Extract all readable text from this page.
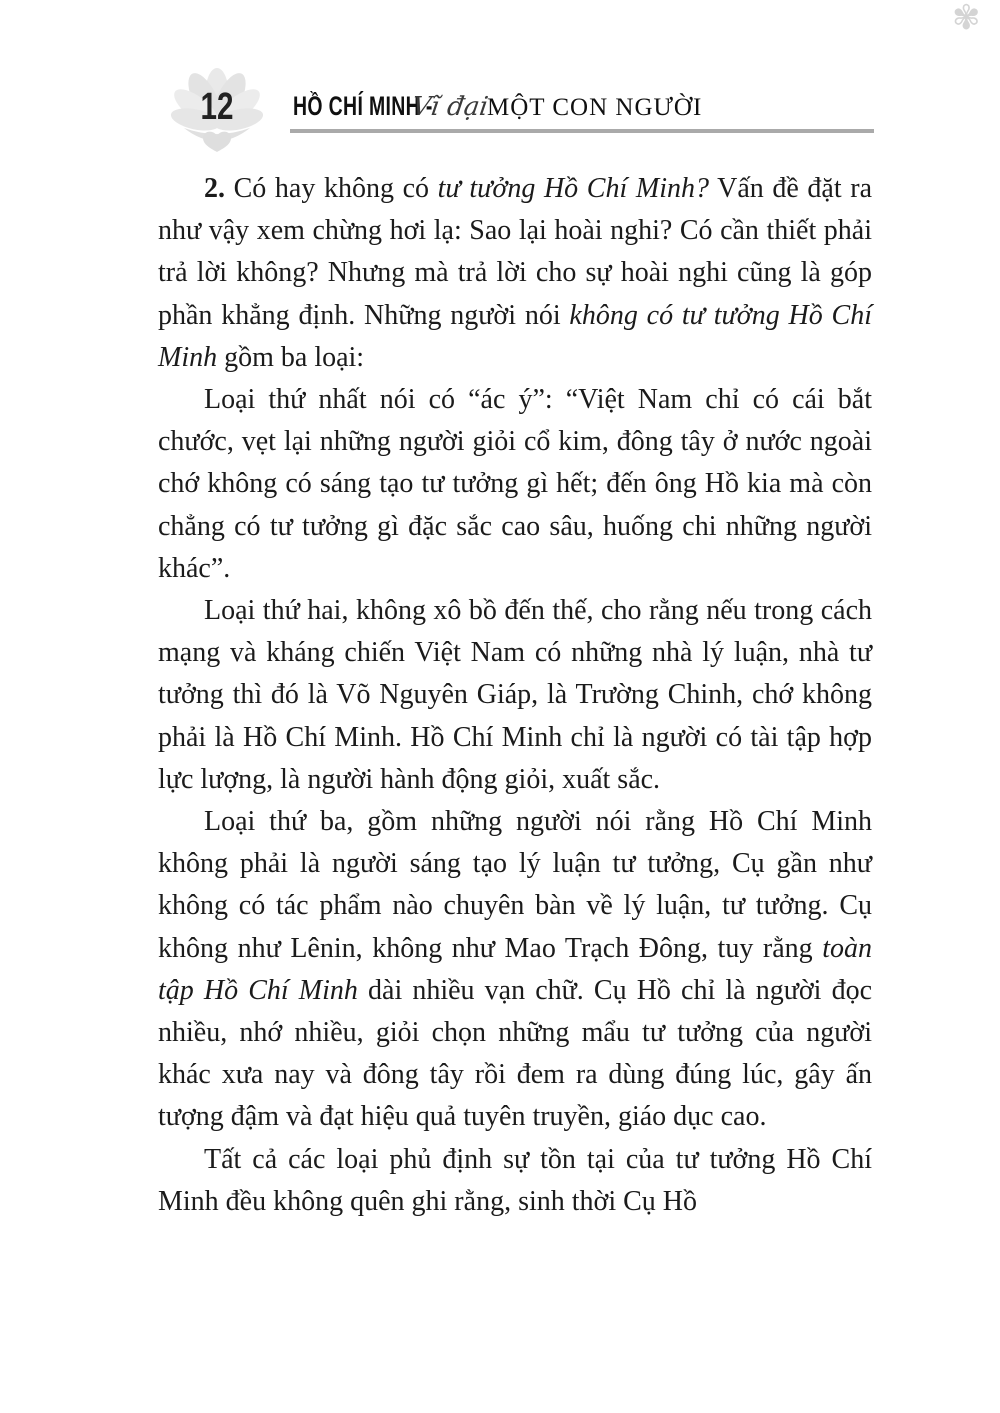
✾
12	HỒ CHÍ MINH -
Vĩ đại
MỘT CON NGƯỜI

2. Có hay không có tư tưởng Hồ Chí Minh? Vấn đề đặt ra như vậy xem chừng hơi lạ: Sao lại hoài nghi? Có cần thiết phải trả lời không? Nhưng mà trả lời cho sự hoài nghi cũng là góp phần khẳng định. Những người nói không có tư tưởng Hồ Chí Minh gồm ba loại:

Loại thứ nhất nói có “ác ý”: “Việt Nam chỉ có cái bắt chước, vẹt lại những người giỏi cổ kim, đông tây ở nước ngoài chớ không có sáng tạo tư tưởng gì hết; đến ông Hồ kia mà còn chẳng có tư tưởng gì đặc sắc cao sâu, huống chi những người khác”.

Loại thứ hai, không xô bồ đến thế, cho rằng nếu trong cách mạng và kháng chiến Việt Nam có những nhà lý luận, nhà tư tưởng thì đó là Võ Nguyên Giáp, là Trường Chinh, chớ không phải là Hồ Chí Minh. Hồ Chí Minh chỉ là người có tài tập hợp lực lượng, là người hành động giỏi, xuất sắc.

Loại thứ ba, gồm những người nói rằng Hồ Chí Minh không phải là người sáng tạo lý luận tư tưởng, Cụ gần như không có tác phẩm nào chuyên bàn về lý luận, tư tưởng. Cụ không như Lênin, không như Mao Trạch Đông, tuy rằng toàn tập Hồ Chí Minh dài nhiều vạn chữ. Cụ Hồ chỉ là người đọc nhiều, nhớ nhiều, giỏi chọn những mẩu tư tưởng của người khác xưa nay và đông tây rồi đem ra dùng đúng lúc, gây ấn tượng đậm và đạt hiệu quả tuyên truyền, giáo dục cao.

Tất cả các loại phủ định sự tồn tại của tư tưởng Hồ Chí Minh đều không quên ghi rằng, sinh thời Cụ Hồ
